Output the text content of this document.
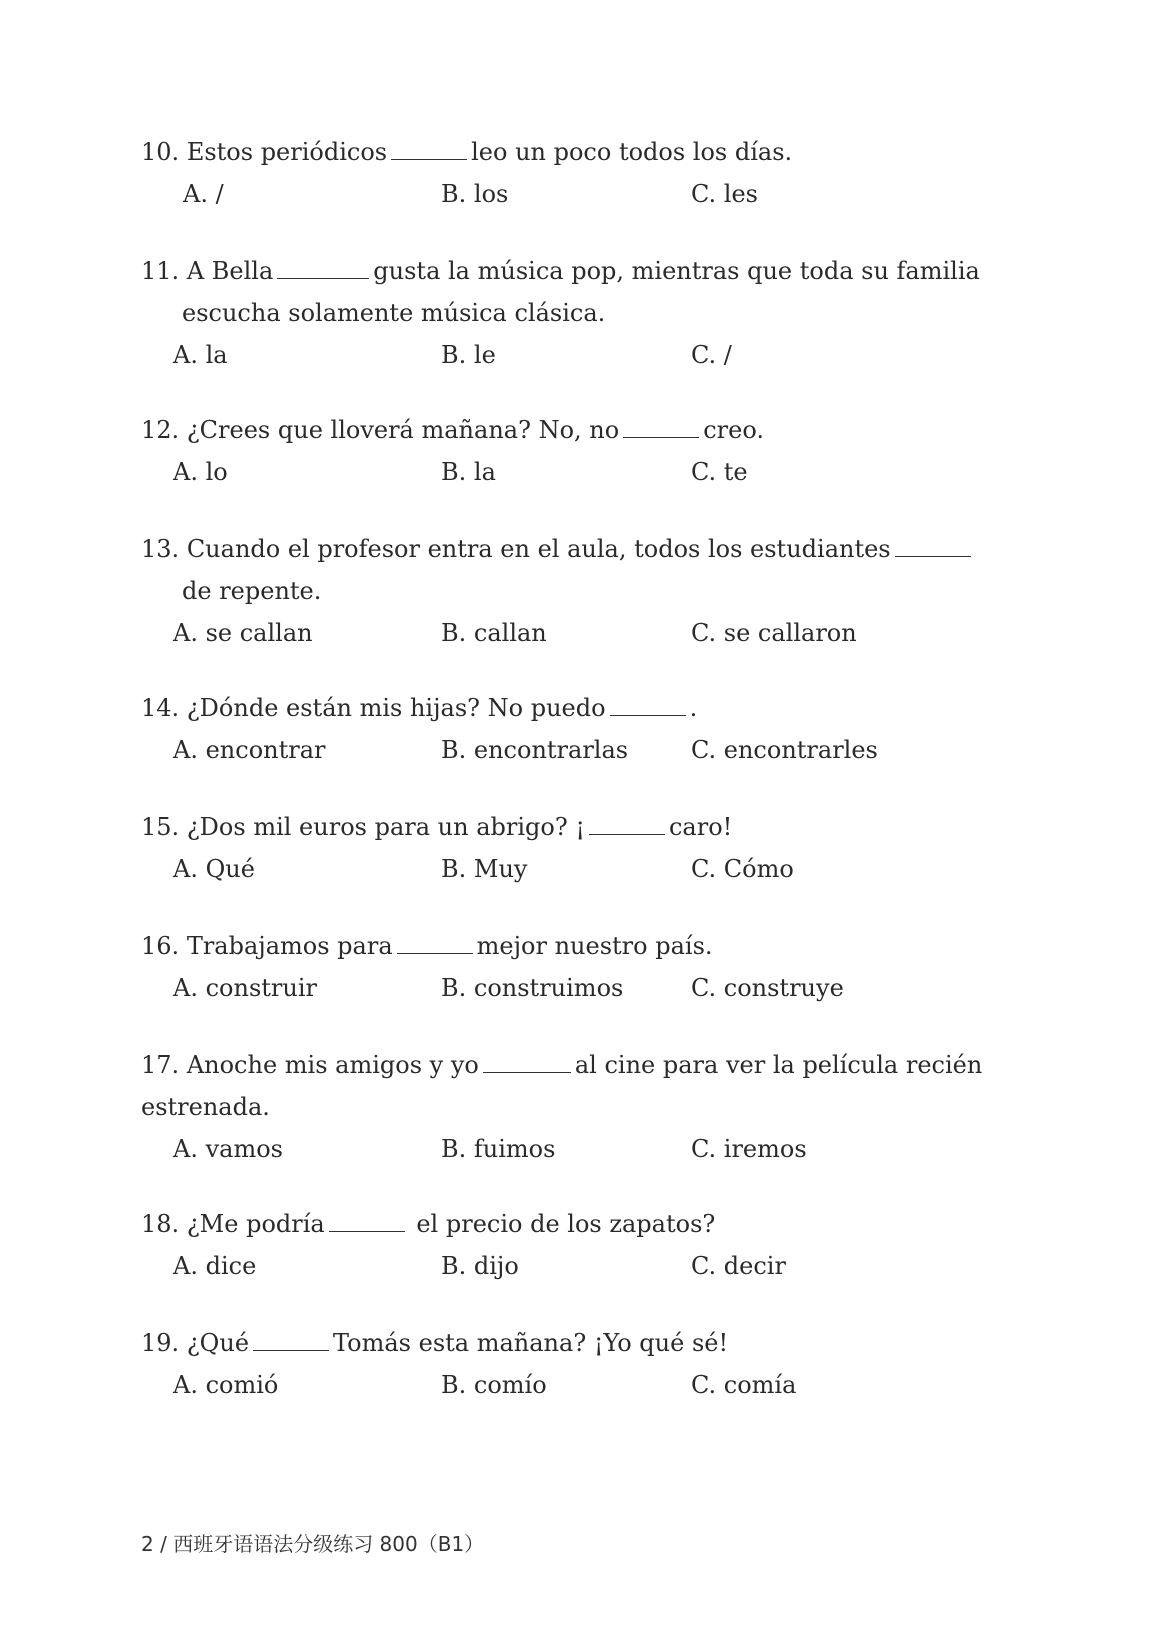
10. Estos periódicos	leo un poco todos los días.
A. /	B. los	C. les
11. A Bella	gusta la música pop, mientras que toda su familia escucha solamente música clásica.
A. la	B. le	C. /
12. ¿Crees que lloverá mañana? No, no	creo.
A. lo	B. la	C. te
13. Cuando el profesor entra en el aula, todos los estudiantesde repente.
A. se callan	B. callan	C. se callaron
14. ¿Dónde están mis hijas? No puedo	.
A. encontrar	B. encontrarlas	C. encontrarles
15. ¿Dos mil euros para un abrigo? ¡	caro!
A. Qué	B. Muy	C. Cómo
16. Trabajamos para	mejor nuestro país.
A. construir	B. construimos	C. construye
17. Anoche mis amigos y yo	al cine para ver la película recién estrenada.
A. vamos	B. fuimos	C. iremos
18. ¿Me podría	el precio de los zapatos?
A. dice	B. dijo	C. decir
19. ¿Qué	Tomás esta mañana? ¡Yo qué sé!
A. comió	B. comío	C. comía
2 / 西班牙语语法分级练习 800（B1）
